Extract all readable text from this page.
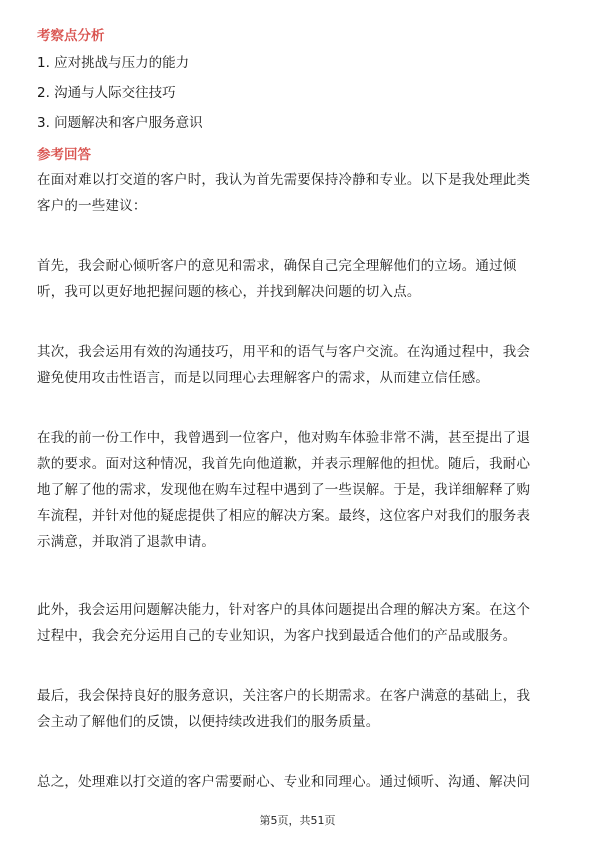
考察点分析
1. 应对挑战与压力的能力
2. 沟通与人际交往技巧
3. 问题解决和客户服务意识
参考回答
在面对难以打交道的客户时，我认为首先需要保持冷静和专业。以下是我处理此类
客户的一些建议：
首先，我会耐心倾听客户的意见和需求，确保自己完全理解他们的立场。通过倾
听，我可以更好地把握问题的核心，并找到解决问题的切入点。
其次，我会运用有效的沟通技巧，用平和的语气与客户交流。在沟通过程中，我会
避免使用攻击性语言，而是以同理心去理解客户的需求，从而建立信任感。
在我的前一份工作中，我曾遇到一位客户，他对购车体验非常不满，甚至提出了退
款的要求。面对这种情况，我首先向他道歉，并表示理解他的担忧。随后，我耐心
地了解了他的需求，发现他在购车过程中遇到了一些误解。于是，我详细解释了购
车流程，并针对他的疑虑提供了相应的解决方案。最终，这位客户对我们的服务表
示满意，并取消了退款申请。
此外，我会运用问题解决能力，针对客户的具体问题提出合理的解决方案。在这个
过程中，我会充分运用自己的专业知识，为客户找到最适合他们的产品或服务。
最后，我会保持良好的服务意识，关注客户的长期需求。在客户满意的基础上，我
会主动了解他们的反馈，以便持续改进我们的服务质量。
总之，处理难以打交道的客户需要耐心、专业和同理心。通过倾听、沟通、解决问
第5页，共51页
